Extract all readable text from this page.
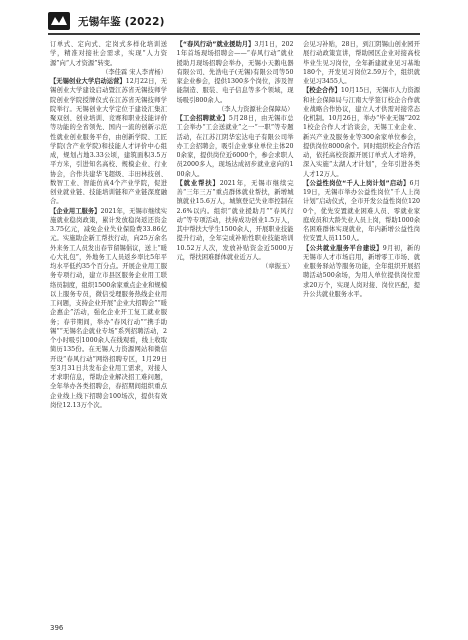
无锡年鉴 (2022)

订单式、定向式、定岗式多样化培训送学，精准对接社会需求，实现“人力资源”向“人才资源”转变。

（李佳霖 宋人李青杨）

【无锡创业大学启动运营】12月22日，无锡创业大学建设启动暨江苏省无锡技师学院创业学院授牌仪式在江苏省无锡技师学院举行。无锡创业大学定位于建设汇集汇聚双创、创业培训、竞赛和职业技能评价等功能的全省领先、国内一流的创新示范性就业创业服务平台，由创新学院、工匠学院(含产业学院)和技能人才评价中心组成，规划占地3.33公顷，建筑面积3.5万平方米，引进知名高校、规模企业、行业协会，合作共建华飞超级、丰田林技创、数智工业、智能仿真4个产业学院，促进创业就业链、技能培训链和产业链深度融合。

【企业用工服务】2021年，无锡市继续实施就业稳岗政策，累计发放稳岗返还资金3.75亿元，减免企业失业保险费33.86亿元。实施助企新工帮扶行动，向25万余名外来务工人员发出春节留锡倡议，送上“暖心大礼包”，外地务工人员返乡率比5年平均水平低约35个百分点。开展企业用工服务专项行动，建立市县区服务企业用工联络员制度，组织1500余家重点企业和规模以上服务专员，微信受理服务热线企业用工问题，支持企业开展“企业大招聘会”“暖企惠企”活动，强化企业开工复工就业服务；春节期间，举办“春风行动”“携手助锡”“无锡名企就业专场”系列招聘活动，2个小时吸引1000余人在线观看，线上收取简历135份。在无锡人力资源网站和微信开设“春风行动”网络招聘专区，1月29日至3月31日共发布企业用工需求，对接人才求职信息，帮助企业解决招工难问题，全年举办各类招聘会，春招期间组织重点企业线上线下招聘会100场次，提供有效岗位12.13万个次。

【“春风行动”就业援助月】3月1日，2021年首场现场招聘会——“春风行动”就业援助月现场招聘会举办，无锡小天鹅电器有限公司、先浩电子(无锡)有限公司等50家企业参会，提供1300多个岗位，涉及智能制造、服装、电子信息等多个领域，现场吸引800余人。

（李人力资源社会保障局）

【工会招聘就业】5月28日，由无锡市总工会举办“工会送就业”之一“一职”等专题活动，在江苏江阴华宏达电子有限公司举办工会招聘会，吸引企业事业单位主体200余家，提供岗位近6000个，参会求职人员2000多人，现场达成初步就业意向的100余人。

【就业帮扶】2021年，无锡市继续完善“三年三万”重点群体就业帮扶，新增城镇就业15.6万人，城镇登记失业率控制在2.6%以内。组织“就业援助月”“春风行动”等专项活动，扶持成功创业1.5万人，其中帮扶大学生1500余人，开展职业技能提升行动，全年完成补贴性职业技能培训10.52万人次，发放补贴资金近5000万元，帮扶困难群体就业近万人。

（章振玉）

会见习补贴，28日，到江阴锡山创业园开展行动政策宣讲，帮助园区企业对接高校毕业生见习岗位，全年新建就业见习基地180个，开发见习岗位2.59万个，组织就业见习3455人。

【校企合作】10月15日，无锡市人力资源和社会保障局与江南大学签订校企合作就业战略合作协议，建立人才供需对接常态化机制。10月26日，举办“毕业无锡”2021校企合作人才洽谈会，无锡工业企业、新兴产业及服务业等300余家单位参会，提供岗位8000余个。同时组织校企合作活动，依托高校资源开展订单式人才培养，深入实施“太湖人才计划”，全年引进各类人才12万人。

【公益性岗位“千人上岗计划”启动】6月19日，无锡市举办公益性岗位“千人上岗计划”启动仪式，全市开发公益性岗位1200个，优先安置就业困难人员、零就业家庭成员和大龄失业人员上岗，帮助1000余名困难群体实现就业，年内新增公益性岗位安置人员1150人。

【公共就业服务平台建设】9月初，新的无锡市人才市场启用，新增零工市场、就业服务驿站等服务功能，全年组织开展招聘活动500余场，为用人单位提供岗位需求20万个，实现人岗对接、岗位匹配，提升公共就业服务水平。

396
